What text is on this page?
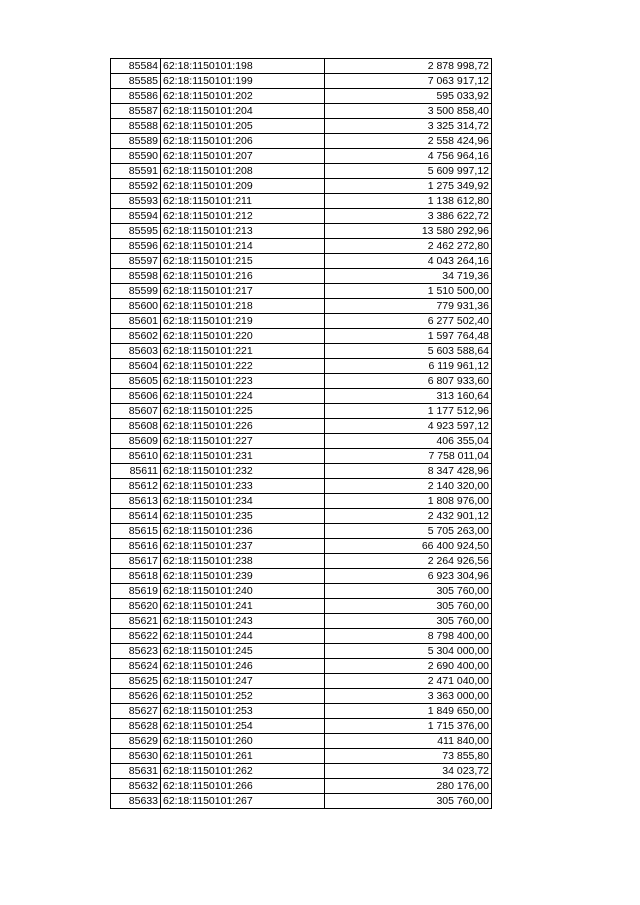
85584	62:18:1150101:198	2 878 998,72
85585	62:18:1150101:199	7 063 917,12
85586	62:18:1150101:202	595 033,92
85587	62:18:1150101:204	3 500 858,40
85588	62:18:1150101:205	3 325 314,72
85589	62:18:1150101:206	2 558 424,96
85590	62:18:1150101:207	4 756 964,16
85591	62:18:1150101:208	5 609 997,12
85592	62:18:1150101:209	1 275 349,92
85593	62:18:1150101:211	1 138 612,80
85594	62:18:1150101:212	3 386 622,72
85595	62:18:1150101:213	13 580 292,96
85596	62:18:1150101:214	2 462 272,80
85597	62:18:1150101:215	4 043 264,16
85598	62:18:1150101:216	34 719,36
85599	62:18:1150101:217	1 510 500,00
85600	62:18:1150101:218	779 931,36
85601	62:18:1150101:219	6 277 502,40
85602	62:18:1150101:220	1 597 764,48
85603	62:18:1150101:221	5 603 588,64
85604	62:18:1150101:222	6 119 961,12
85605	62:18:1150101:223	6 807 933,60
85606	62:18:1150101:224	313 160,64
85607	62:18:1150101:225	1 177 512,96
85608	62:18:1150101:226	4 923 597,12
85609	62:18:1150101:227	406 355,04
85610	62:18:1150101:231	7 758 011,04
85611	62:18:1150101:232	8 347 428,96
85612	62:18:1150101:233	2 140 320,00
85613	62:18:1150101:234	1 808 976,00
85614	62:18:1150101:235	2 432 901,12
85615	62:18:1150101:236	5 705 263,00
85616	62:18:1150101:237	66 400 924,50
85617	62:18:1150101:238	2 264 926,56
85618	62:18:1150101:239	6 923 304,96
85619	62:18:1150101:240	305 760,00
85620	62:18:1150101:241	305 760,00
85621	62:18:1150101:243	305 760,00
85622	62:18:1150101:244	8 798 400,00
85623	62:18:1150101:245	5 304 000,00
85624	62:18:1150101:246	2 690 400,00
85625	62:18:1150101:247	2 471 040,00
85626	62:18:1150101:252	3 363 000,00
85627	62:18:1150101:253	1 849 650,00
85628	62:18:1150101:254	1 715 376,00
85629	62:18:1150101:260	411 840,00
85630	62:18:1150101:261	73 855,80
85631	62:18:1150101:262	34 023,72
85632	62:18:1150101:266	280 176,00
85633	62:18:1150101:267	305 760,00
